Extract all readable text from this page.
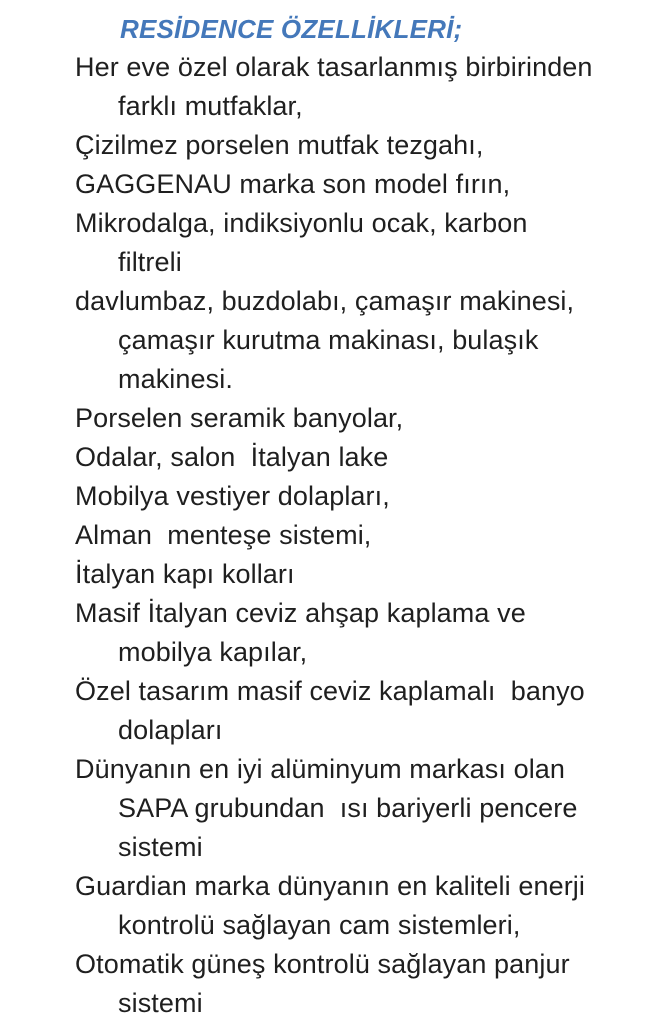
RESİDENCE ÖZELLİKLERİ;
Her eve özel olarak tasarlanmış birbirinden
farklı mutfaklar,
Çizilmez porselen mutfak tezgahı,
GAGGENAU marka son model fırın,
Mikrodalga, indiksiyonlu ocak, karbon
filtreli
davlumbaz, buzdolabı, çamaşır makinesi,
çamaşır kurutma makinası, bulaşık
makinesi.
Porselen seramik banyolar,
Odalar, salon  İtalyan lake
Mobilya vestiyer dolapları,
Alman  menteşe sistemi,
İtalyan kapı kolları
Masif İtalyan ceviz ahşap kaplama ve
mobilya kapılar,
Özel tasarım masif ceviz kaplamalı  banyo
dolapları
Dünyanın en iyi alüminyum markası olan
SAPA grubundan  ısı bariyerli pencere
sistemi
Guardian marka dünyanın en kaliteli enerji
kontrolü sağlayan cam sistemleri,
Otomatik güneş kontrolü sağlayan panjur
sistemi
